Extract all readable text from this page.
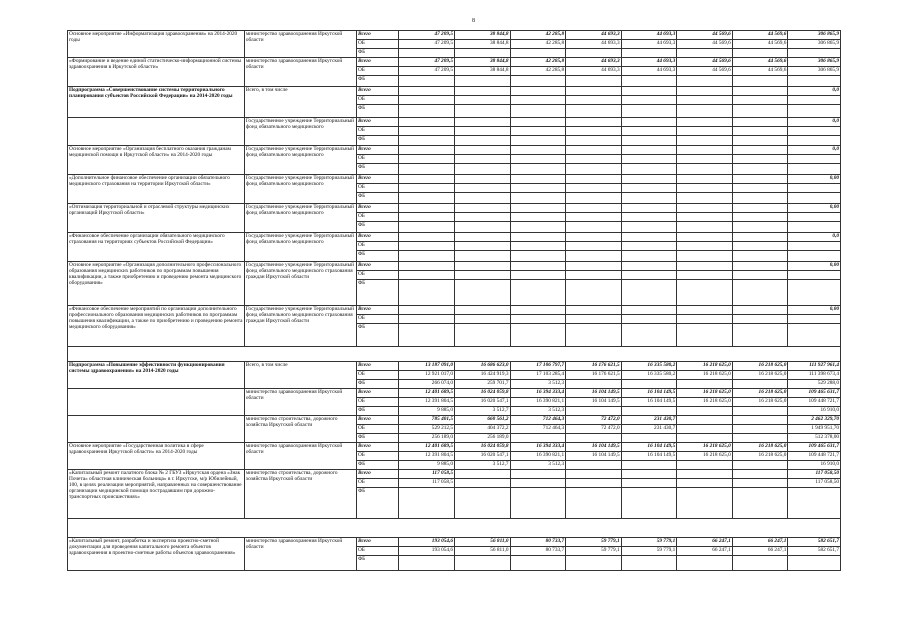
8
Основное мероприятие «Информатизация здравоохранения» на 2014-2020 годы	министерство здравоохранения Иркутской области	Всего	47 209,5	38 844,8	42 285,8	44 693,3	44 693,3	44 569,6	44 569,6	306 865,9
		ОБ	47 209,5	38 844,8	42 285,8	44 693,3	44 693,3	44 569,6	44 569,6	306 865,9
		ФБ								
«Формирование и ведение единой статистическо-информационной системы здравоохранения в Иркутской области»	министерство здравоохранения Иркутской области	Всего	47 209,5	38 844,8	42 285,8	44 693,3	44 693,3	44 569,6	44 569,6	306 865,9
		ОБ	47 209,5	38 844,8	42 285,8	44 693,3	44 693,3	44 569,6	44 569,6	306 865,9
		ФБ								
Подпрограмма «Совершенствование системы территориального планирования субъектов Российской Федерации» на 2014-2020 годы	Всего, в том числе	Всего								0,0
		ОБ								
		ФБ								
	Государственное учреждение Территориальный фонд обязательного медицинского	Всего								0,0
		ОБ								
		ФБ								
Основное мероприятие «Организация бесплатного оказания гражданам медицинской помощи в Иркутской области» на 2014-2020 годы	Государственное учреждение Территориальный фонд обязательного медицинского	Всего								0,0
		ОБ								
		ФБ								
«Дополнительное финансовое обеспечение организации обязательного медицинского страхования на территории Иркутской области»	Государственное учреждение Территориальный фонд обязательного медицинского	Всего								0,00
		ОБ								
		ФБ								
«Оптимизация территориальной и отраслевой структуры медицинских организаций Иркутской области»	Государственное учреждение Территориальный фонд обязательного медицинского	Всего								0,00
		ОБ								
		ФБ								
«Финансовое обеспечение организации обязательного медицинского страхования на территориях субъектов Российской Федерации»	Государственное учреждение Территориальный фонд обязательного медицинского	Всего								0,0
		ОБ								
		ФБ								
Основное мероприятие «Организация дополнительного профессионального образования медицинских работников по программам повышения квалификации, а также приобретению и проведению ремонта медицинского оборудования»	Государственное учреждение Территориальный фонд обязательного медицинского страхования граждан Иркутской области	Всего								0,00
		ОБ								
		ФБ								
«Финансовое обеспечение мероприятий по организации дополнительного профессионального образования медицинских работников по программам повышения квалификации, а также по приобретению и проведению ремонта медицинского оборудования»	Государственное учреждение Территориальный фонд обязательного медицинского страхования граждан Иркутской области	Всего								0,00
		ОБ								
		ФБ								

Подпрограмма «Повышение эффективности функционирования системы здравоохранения» на 2014-2020 годы	Всего, в том числе	Всего	13 187 091,0	16 686 623,0	17 106 797,7	16 176 621,5	16 335 580,2	16 218 625,0	16 218 625,0	111 927 961,4
		ОБ	12 921 017,0	16 424 919,3	17 103 285,4	16 176 621,5	16 335 580,2	16 218 625,0	16 218 625,0	111 398 673,4
		ФБ	266 074,0	259 701,7	3 512,3					529 288,0
	министерство здравоохранения Иркутской области	Всего	12 401 689,5	16 024 059,8	16 394 333,4	16 104 149,5	16 104 149,5	16 218 625,0	16 218 625,0	109 465 631,7
		ОБ	12 391 804,5	16 020 547,1	16 390 821,1	16 104 149,5	16 104 149,5	16 218 625,0	16 218 625,0	109 448 721,7
		ФБ	9 885,0	3 512,7	3 512,3					16 910,0
	министерство строительства, дорожного хозяйства Иркутской области	Всего	785 401,5	660 561,2	712 464,3	72 472,0	231 430,7			2 462 329,70
		ОБ	529 212,5	404 372,2	712 464,3	72 472,0	231 430,7			1 949 951,70
		ФБ	256 189,0	256 189,0						512 378,00
Основное мероприятие «Государственная политика в сфере здравоохранения Иркутской области» на 2014-2020 годы	министерство здравоохранения Иркутской области	Всего	12 401 689,5	16 024 059,8	16 394 333,4	16 104 149,5	16 104 149,5	16 218 625,0	16 218 625,0	109 465 631,7
		ОБ	12 391 804,5	16 020 547,1	16 390 821,1	16 104 149,5	16 104 149,5	16 218 625,0	16 218 625,0	109 448 721,7
		ФБ	9 885,0	3 512,7	3 512,3					16 910,0
«Капитальный ремонт палатного блока № 2 ГБУЗ «Иркутская ордена «Знак Почета» областная клиническая больница» в г. Иркутске, м/р Юбилейный, 100, в целях реализации мероприятий, направленных на совершенствование организации медицинской помощи пострадавшим при дорожно-транспортных происшествиях»	министерство строительства, дорожного хозяйства Иркутской области	Всего	117 058,5							117 058,50
		ОБ	117 058,5							117 058,50
		ФБ								

«Капитальный ремонт, разработка и экспертиза проектно-сметной документации для проведения капитального ремонта объектов здравоохранения в проектно-сметные работы объектов здравоохранения»	министерство здравоохранения Иркутской области	Всего	193 054,6	56 811,0	80 733,7	59 779,1	59 779,1	66 247,1	66 247,1	582 651,7
		ОБ	193 054,6	56 811,0	80 733,7	59 779,1	59 779,1	66 247,1	66 247,1	582 651,7
		ФБ								
